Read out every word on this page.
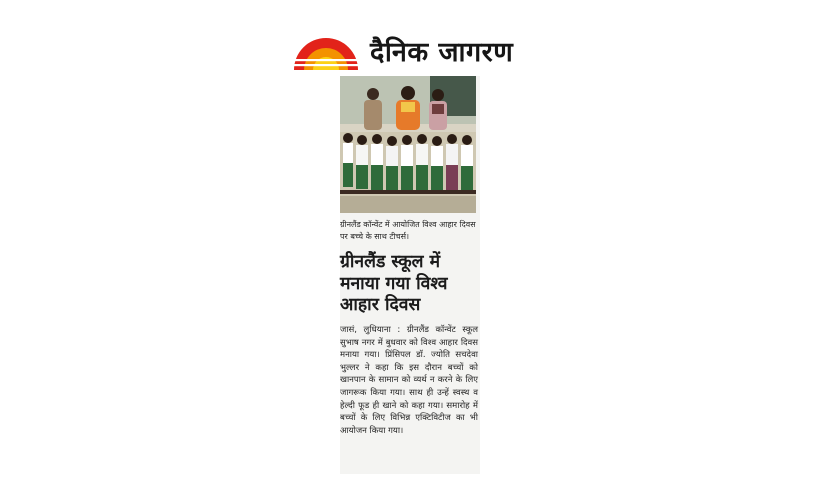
दैनिक जागरण
ग्रीनलैंड कॉन्वेंट में आयोजित विश्व आहार दिवस पर बच्चे के साथ टीचर्स।
ग्रीनलैंड स्कूल में मनाया गया विश्व आहार दिवस
जासं, लुधियाना : ग्रीनलैंड कॉन्वेंट स्कूल सुभाष नगर में बुधवार को विश्व आहार दिवस मनाया गया। प्रिंसिपल डॉ. ज्योति सचदेवा भुल्लर ने कहा कि इस दौरान बच्चों को खानपान के सामान को व्यर्थ न करने के लिए जागरूक किया गया। साथ ही उन्हें स्वस्थ व हेल्दी फूड ही खाने को कहा गया। समारोह में बच्चों के लिए विभिन्न एक्टिविटीज का भी आयोजन किया गया।
